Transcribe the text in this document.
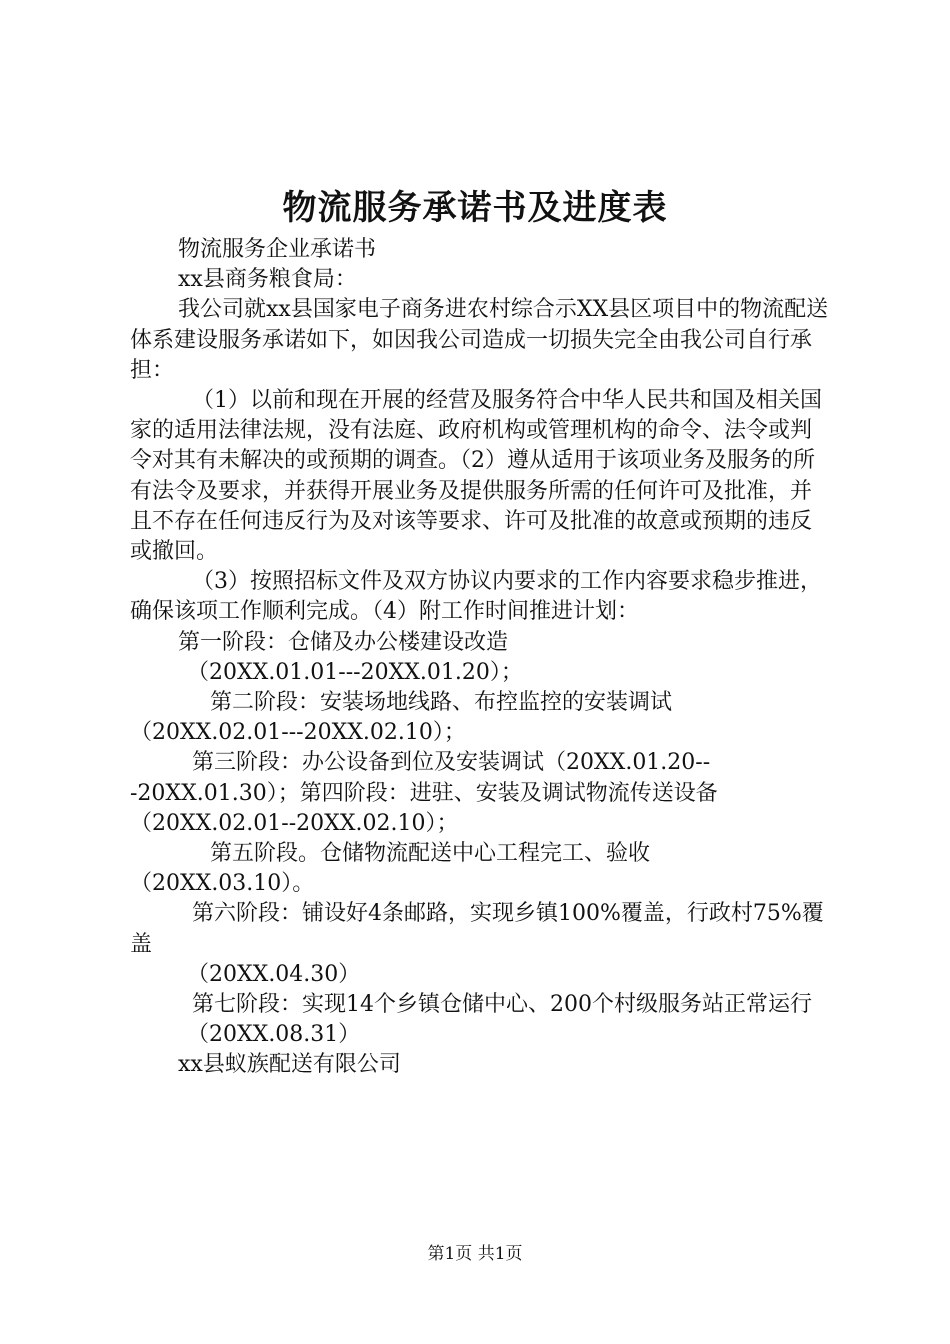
物流服务承诺书及进度表

物流服务企业承诺书

xx县商务粮食局：

我公司就xx县国家电子商务进农村综合示XX县区项目中的物流配送体系建设服务承诺如下，如因我公司造成一切损失完全由我公司自行承担：

（1）以前和现在开展的经营及服务符合中华人民共和国及相关国家的适用法律法规，没有法庭、政府机构或管理机构的命令、法令或判令对其有未解决的或预期的调查。（2）遵从适用于该项业务及服务的所有法令及要求，并获得开展业务及提供服务所需的任何许可及批准，并且不存在任何违反行为及对该等要求、许可及批准的故意或预期的违反或撤回。

（3）按照招标文件及双方协议内要求的工作内容要求稳步推进，确保该项工作顺利完成。（4）附工作时间推进计划：

第一阶段：仓储及办公楼建设改造

（20XX.01.01---20XX.01.20）；

第二阶段：安装场地线路、布控监控的安装调试（20XX.02.01---20XX.02.10）；

第三阶段：办公设备到位及安装调试（20XX.01.20---20XX.01.30）；第四阶段：进驻、安装及调试物流传送设备（20XX.02.01--20XX.02.10）；

第五阶段。仓储物流配送中心工程完工、验收（20XX.03.10）。

第六阶段：铺设好4条邮路，实现乡镇100%覆盖，行政村75%覆盖

（20XX.04.30）

第七阶段：实现14个乡镇仓储中心、200个村级服务站正常运行

（20XX.08.31）

xx县蚁族配送有限公司

第1页 共1页
